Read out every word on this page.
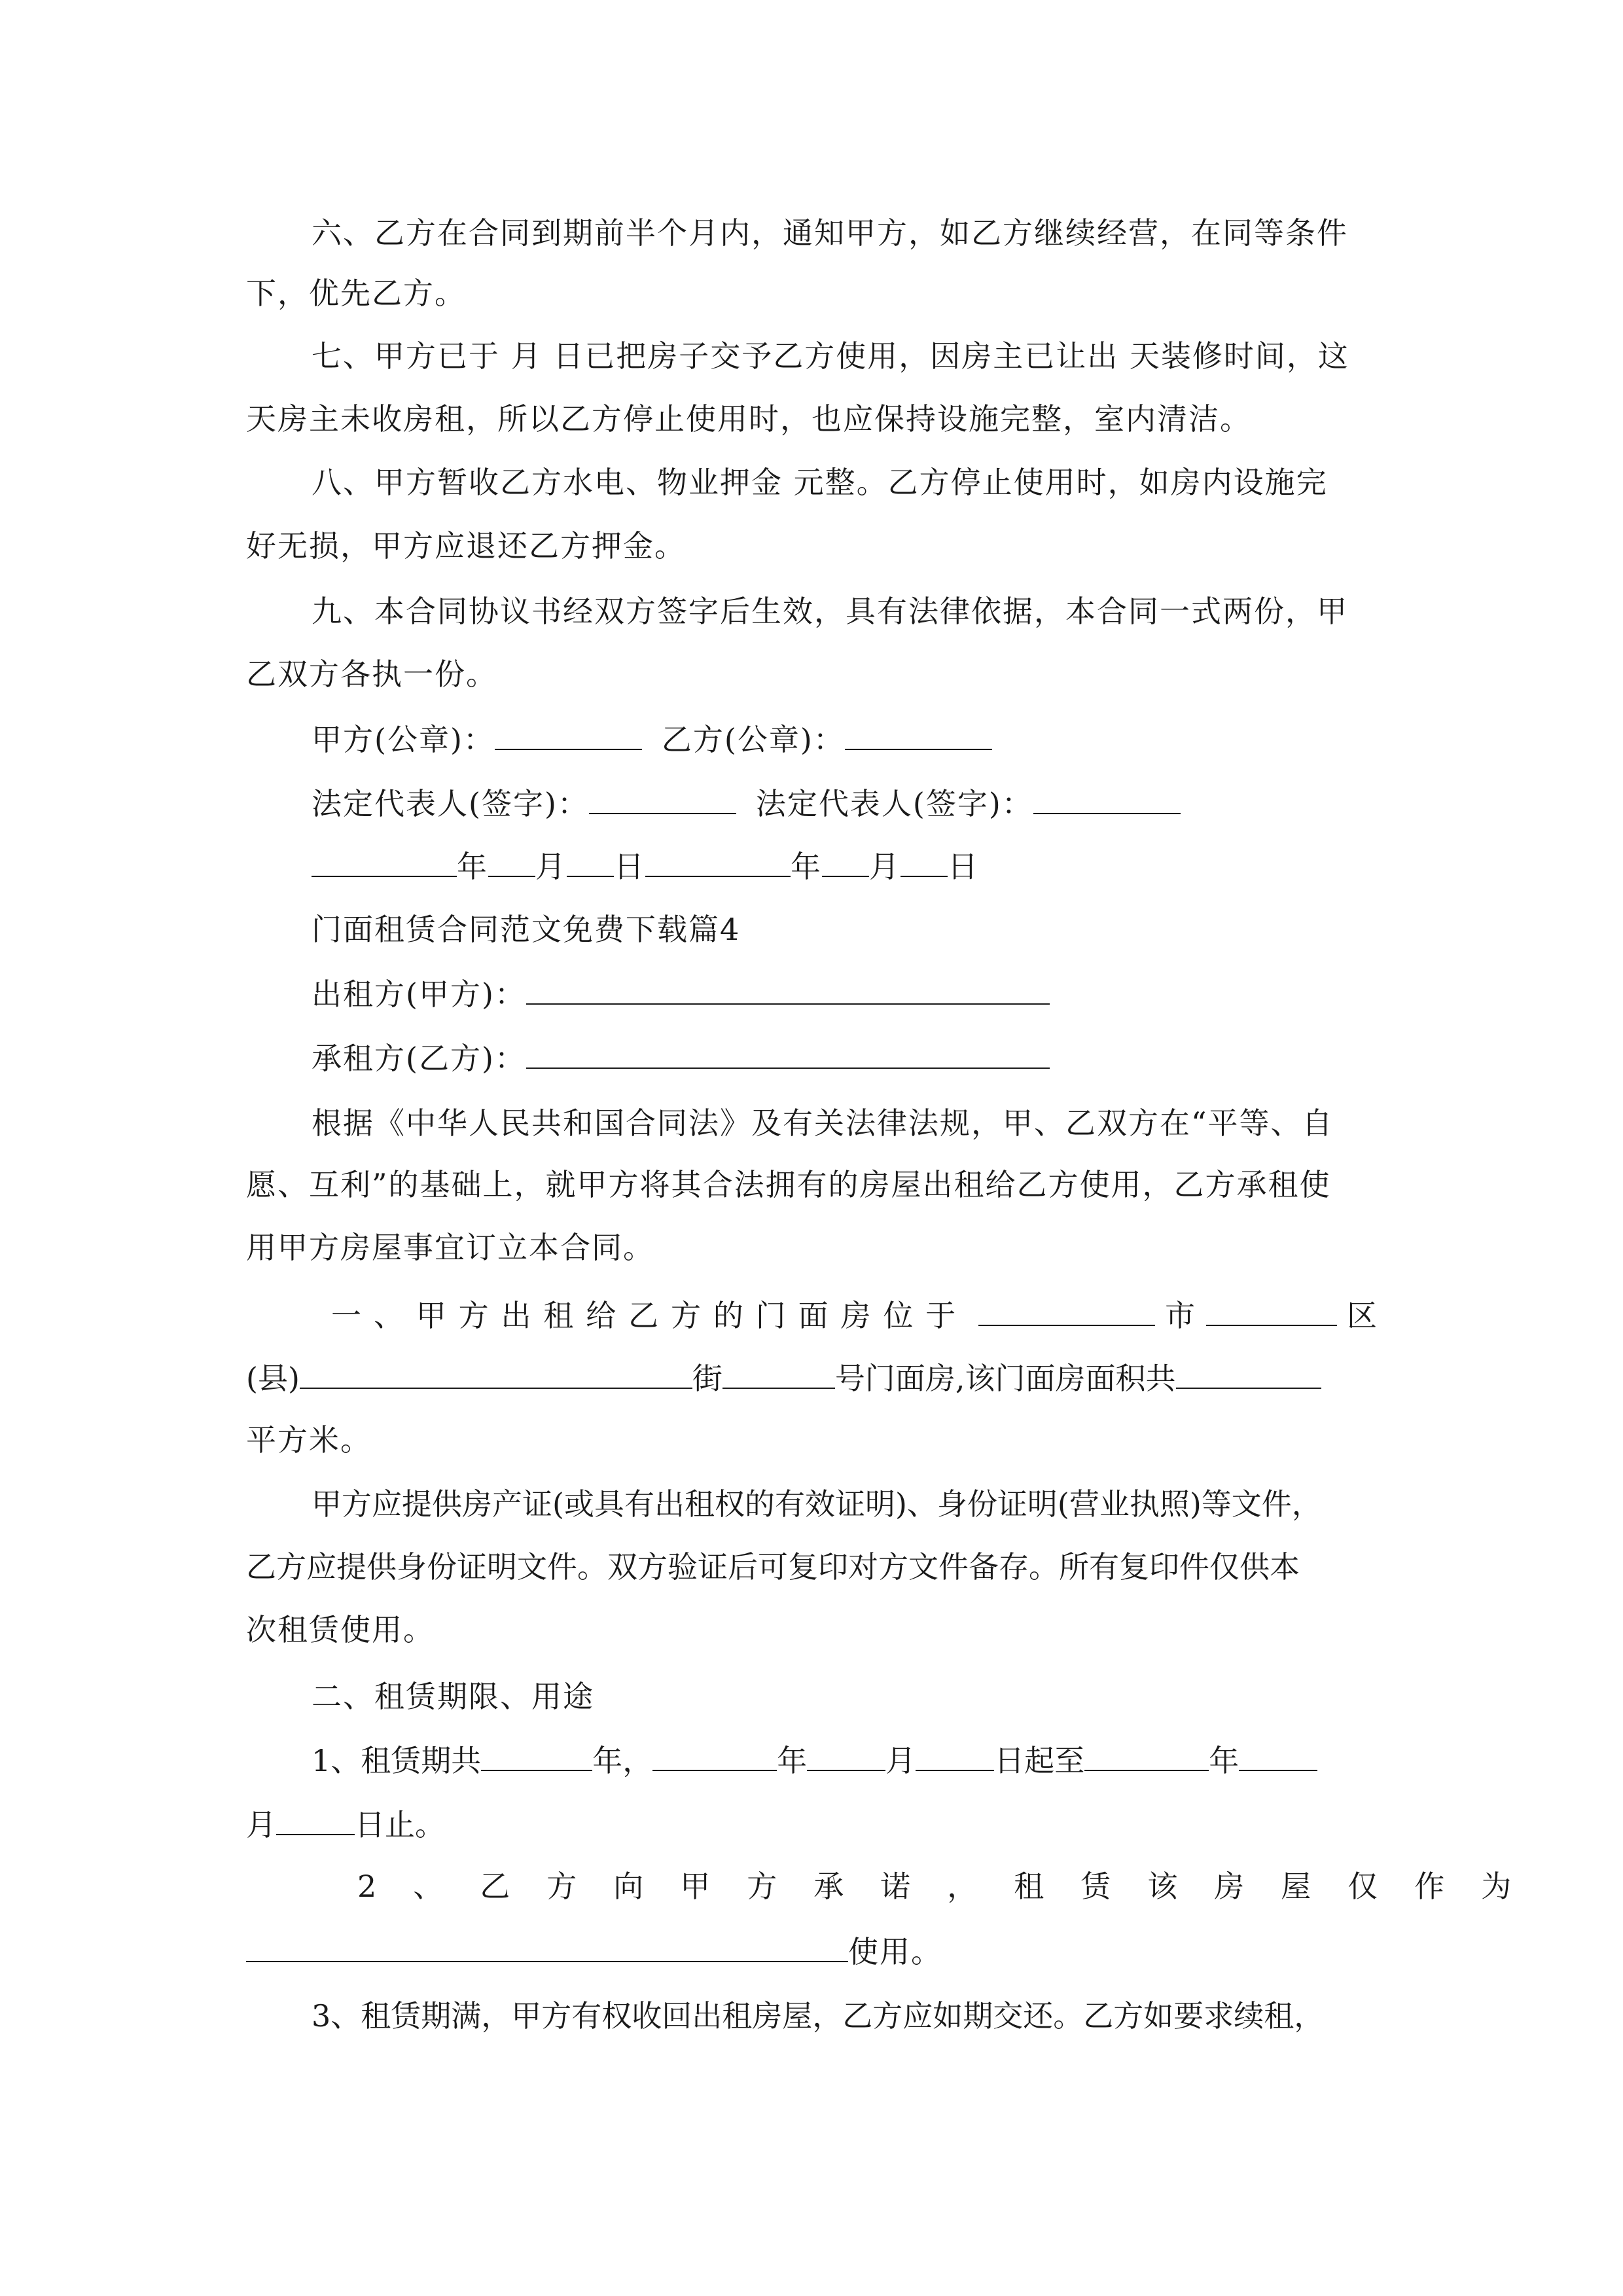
六、乙方在合同到期前半个月内，通知甲方，如乙方继续经营，在同等条件
下，优先乙方。
七、甲方已于 月 日已把房子交予乙方使用，因房主已让出 天装修时间，这
天房主未收房租，所以乙方停止使用时，也应保持设施完整，室内清洁。
八、甲方暂收乙方水电、物业押金 元整。乙方停止使用时，如房内设施完
好无损，甲方应退还乙方押金。
九、本合同协议书经双方签字后生效，具有法律依据，本合同一式两份，甲
乙双方各执一份。
甲方(公章)：	乙方(公章)：
法定代表人(签字)：	法定代表人(签字)：
年 月 日	年 月 日
门面租赁合同范文免费下载篇4
出租方(甲方)：
承租方(乙方)：
根据《中华人民共和国合同法》及有关法律法规，甲、乙双方在“平等、自
愿、互利”的基础上，就甲方将其合法拥有的房屋出租给乙方使用，乙方承租使
用甲方房屋事宜订立本合同。
一、甲方出租给乙方的门面房位于	市	区
(县)	街	号门面房,该门面房面积共
平方米。
甲方应提供房产证(或具有出租权的有效证明)、身份证明(营业执照)等文件，
乙方应提供身份证明文件。双方验证后可复印对方文件备存。所有复印件仅供本
次租赁使用。
二、租赁期限、用途
1、租赁期共	年，	年	月	日起至	年
月	日止。
2、乙方向甲方承诺，租赁该房屋仅作为
使用。
3、租赁期满，甲方有权收回出租房屋，乙方应如期交还。乙方如要求续租，
